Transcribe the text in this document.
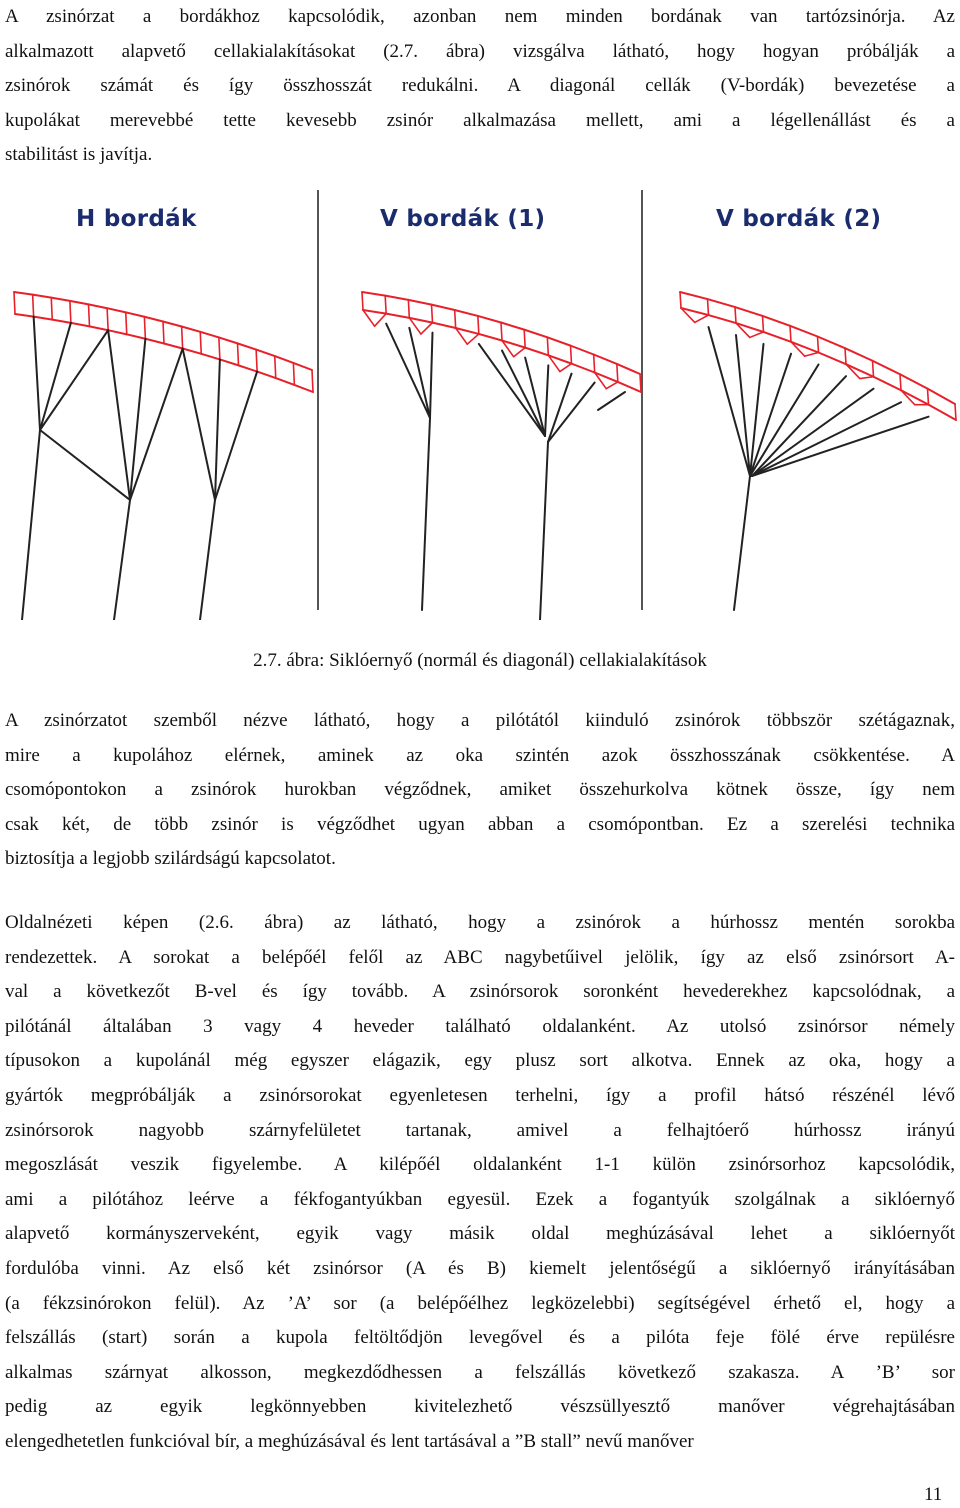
A zsinórzat a bordákhoz kapcsolódik, azonban nem minden bordának van tartózsinórja. Az
alkalmazott alapvető cellakialakításokat (2.7. ábra) vizsgálva látható, hogy hogyan próbálják a
zsinórok számát és így összhosszát redukálni. A diagonál cellák (V-bordák) bevezetése a
kupolákat merevebbé tette kevesebb zsinór alkalmazása mellett, ami a légellenállást és a
stabilitást is javítja.
H bordák	V bordák (1)	V bordák (2)
2.7. ábra: Siklóernyő (normál és diagonál) cellakialakítások
A zsinórzatot szemből nézve látható, hogy a pilótától kiinduló zsinórok többször szétágaznak,
mire a kupolához elérnek, aminek az oka szintén azok összhosszának csökkentése. A
csomópontokon a zsinórok hurokban végződnek, amiket összehurkolva kötnek össze, így nem
csak két, de több zsinór is végződhet ugyan abban a csomópontban. Ez a szerelési technika
biztosítja a legjobb szilárdságú kapcsolatot.
Oldalnézeti képen (2.6. ábra) az látható, hogy a zsinórok a húrhossz mentén sorokba
rendezettek. A sorokat a belépőél felől az ABC nagybetűivel jelölik, így az első zsinórsort A-
val a következőt B-vel és így tovább. A zsinórsorok soronként hevederekhez kapcsolódnak, a
pilótánál általában 3 vagy 4 heveder található oldalanként. Az utolsó zsinórsor némely
típusokon a kupolánál még egyszer elágazik, egy plusz sort alkotva. Ennek az oka, hogy a
gyártók megpróbálják a zsinórsorokat egyenletesen terhelni, így a profil hátsó részénél lévő
zsinórsorok nagyobb szárnyfelületet tartanak, amivel a felhajtóerő húrhossz irányú
megoszlását veszik figyelembe. A kilépőél oldalanként 1-1 külön zsinórsorhoz kapcsolódik,
ami a pilótához leérve a fékfogantyúkban egyesül. Ezek a fogantyúk szolgálnak a siklóernyő
alapvető kormányszerveként, egyik vagy másik oldal meghúzásával lehet a siklóernyőt
fordulóba vinni. Az első két zsinórsor (A és B) kiemelt jelentőségű a siklóernyő irányításában
(a fékzsinórokon felül). Az ’A’ sor (a belépőélhez legközelebbi) segítségével érhető el, hogy a
felszállás (start) során a kupola feltöltődjön levegővel és a pilóta feje fölé érve repülésre
alkalmas szárnyat alkosson, megkezdődhessen a felszállás következő szakasza. A ’B’ sor
pedig az egyik legkönnyebben kivitelezhető vészsüllyesztő manőver végrehajtásában
elengedhetetlen funkcióval bír, a meghúzásával és lent tartásával a ”B stall” nevű manőver
11
